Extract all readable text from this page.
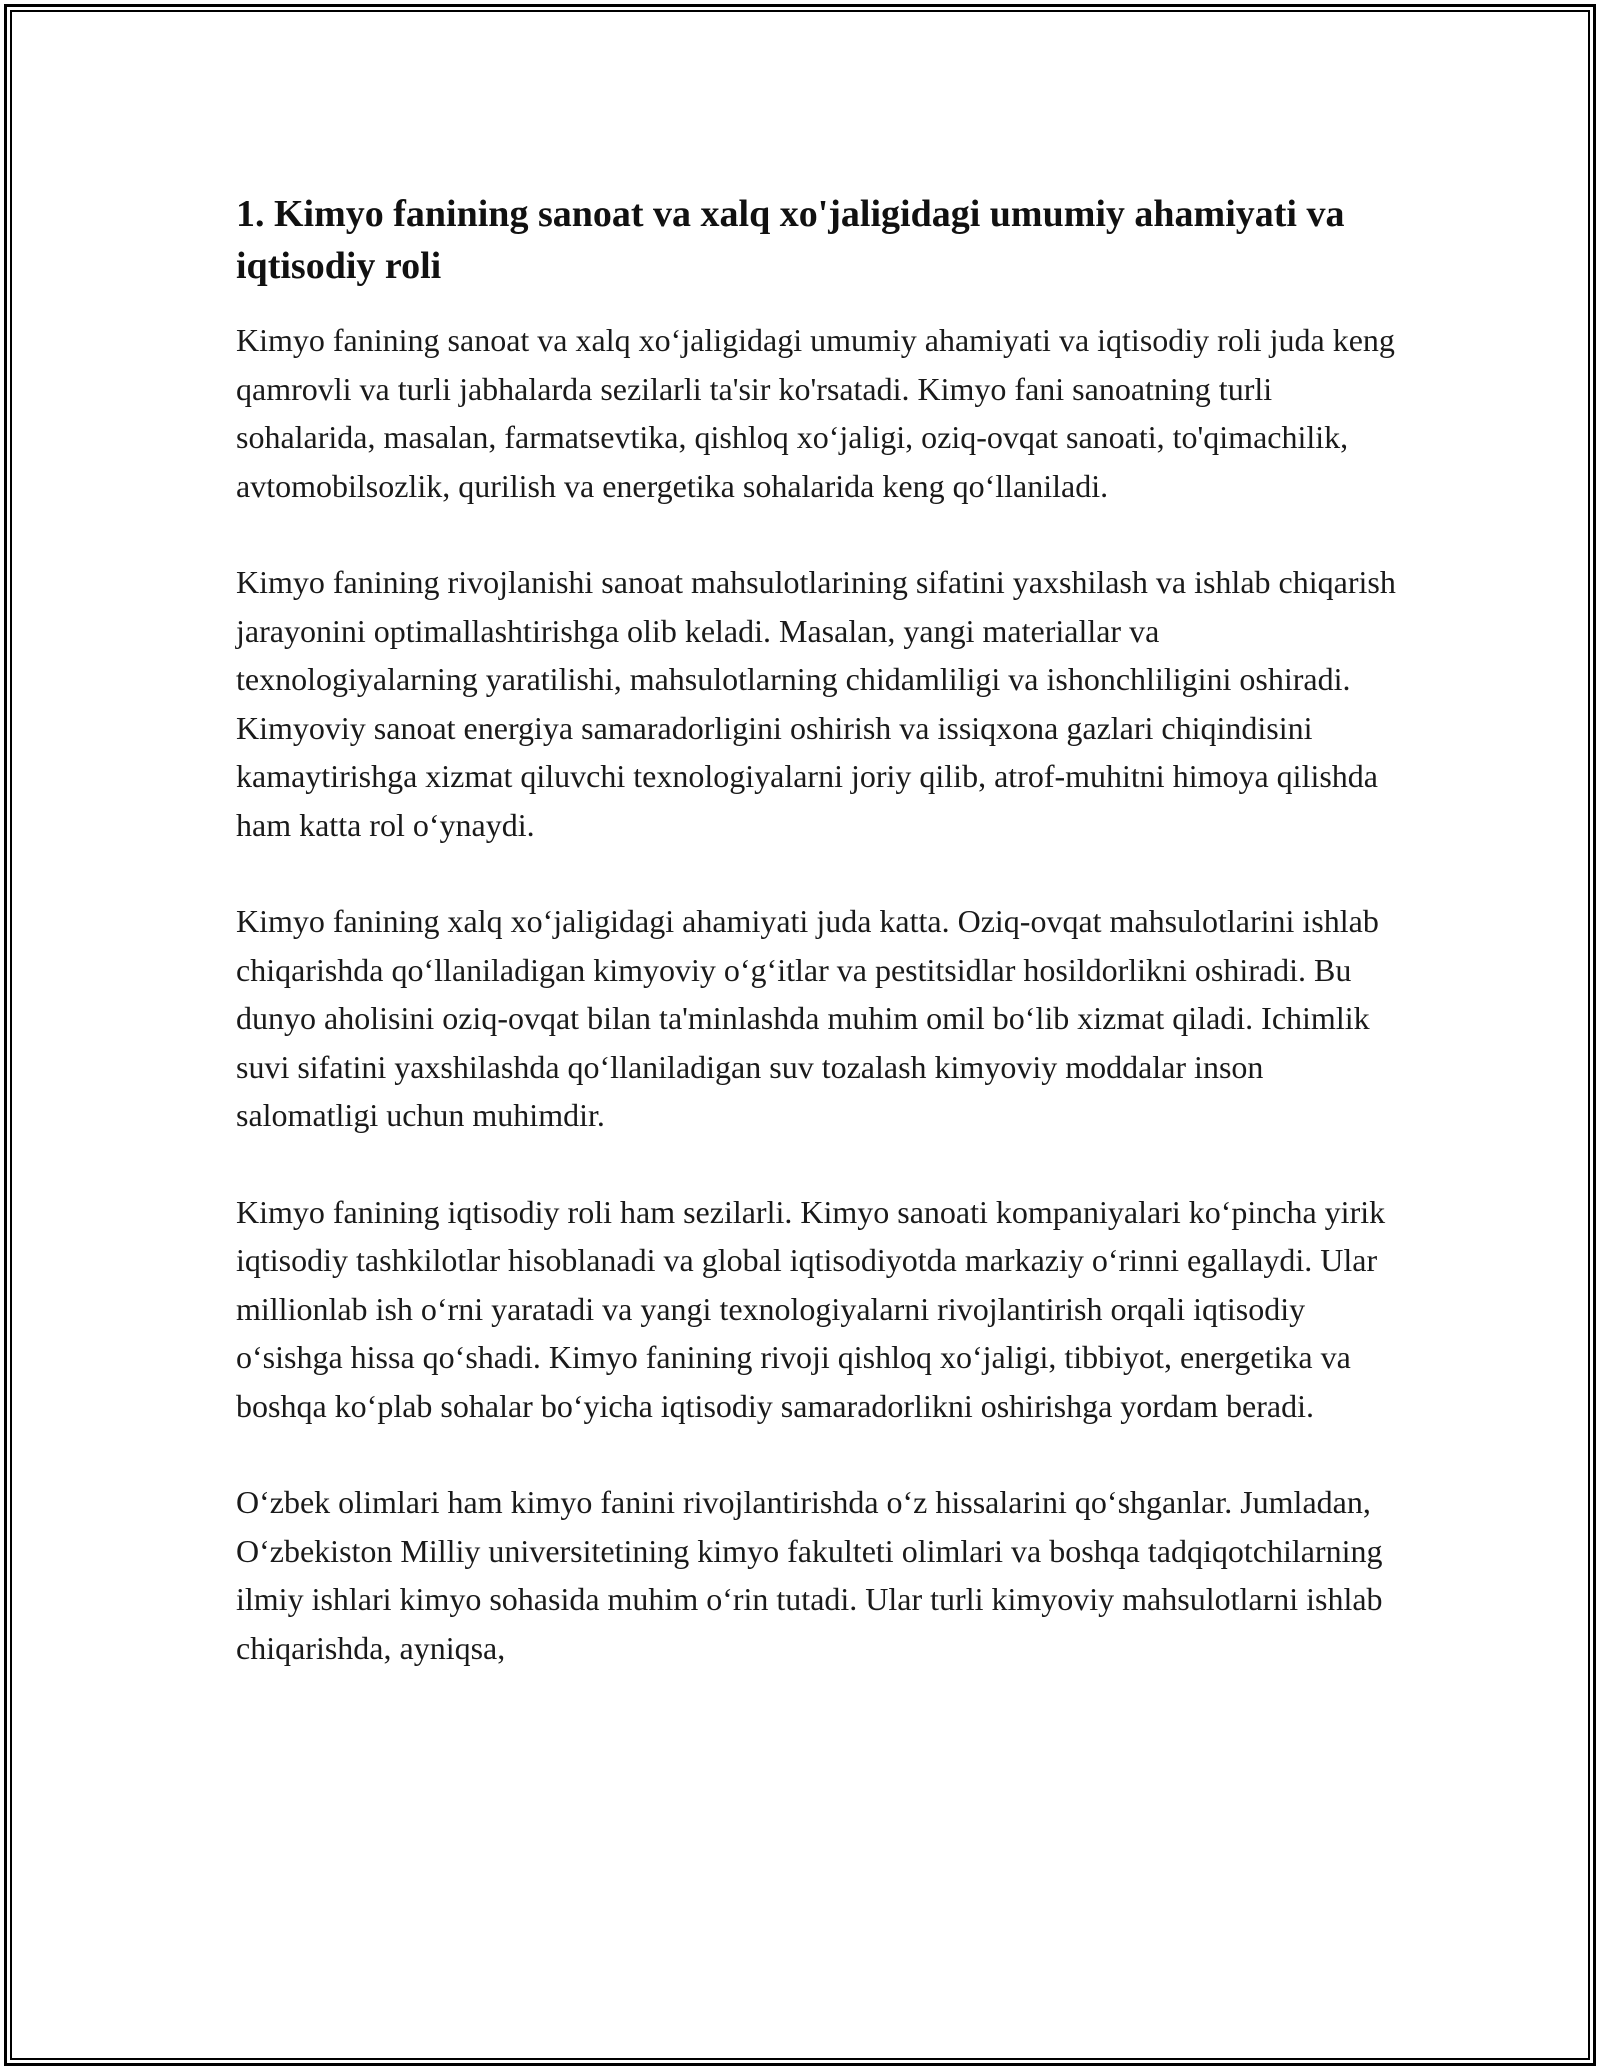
1. Kimyo fanining sanoat va xalq xo'jaligidagi umumiy ahamiyati va iqtisodiy roli

Kimyo fanining sanoat va xalq xoʻjaligidagi umumiy ahamiyati va iqtisodiy roli juda keng qamrovli va turli jabhalarda sezilarli ta'sir ko'rsatadi. Kimyo fani sanoatning turli sohalarida, masalan, farmatsevtika, qishloq xoʻjaligi, oziq-ovqat sanoati, to'qimachilik, avtomobilsozlik, qurilish va energetika sohalarida keng qoʻllaniladi.

Kimyo fanining rivojlanishi sanoat mahsulotlarining sifatini yaxshilash va ishlab chiqarish jarayonini optimallashtirishga olib keladi. Masalan, yangi materiallar va texnologiyalarning yaratilishi, mahsulotlarning chidamliligi va ishonchliligini oshiradi. Kimyoviy sanoat energiya samaradorligini oshirish va issiqxona gazlari chiqindisini kamaytirishga xizmat qiluvchi texnologiyalarni joriy qilib, atrof-muhitni himoya qilishda ham katta rol oʻynaydi.

Kimyo fanining xalq xoʻjaligidagi ahamiyati juda katta. Oziq-ovqat mahsulotlarini ishlab chiqarishda qoʻllaniladigan kimyoviy oʻgʻitlar va pestitsidlar hosildorlikni oshiradi. Bu dunyo aholisini oziq-ovqat bilan ta'minlashda muhim omil boʻlib xizmat qiladi. Ichimlik suvi sifatini yaxshilashda qoʻllaniladigan suv tozalash kimyoviy moddalar inson salomatligi uchun muhimdir.

Kimyo fanining iqtisodiy roli ham sezilarli. Kimyo sanoati kompaniyalari koʻpincha yirik iqtisodiy tashkilotlar hisoblanadi va global iqtisodiyotda markaziy oʻrinni egallaydi. Ular millionlab ish oʻrni yaratadi va yangi texnologiyalarni rivojlantirish orqali iqtisodiy oʻsishga hissa qoʻshadi. Kimyo fanining rivoji qishloq xoʻjaligi, tibbiyot, energetika va boshqa koʻplab sohalar boʻyicha iqtisodiy samaradorlikni oshirishga yordam beradi.

Oʻzbek olimlari ham kimyo fanini rivojlantirishda oʻz hissalarini qoʻshganlar. Jumladan, Oʻzbekiston Milliy universitetining kimyo fakulteti olimlari va boshqa tadqiqotchilarning ilmiy ishlari kimyo sohasida muhim oʻrin tutadi. Ular turli kimyoviy mahsulotlarni ishlab chiqarishda, ayniqsa,
